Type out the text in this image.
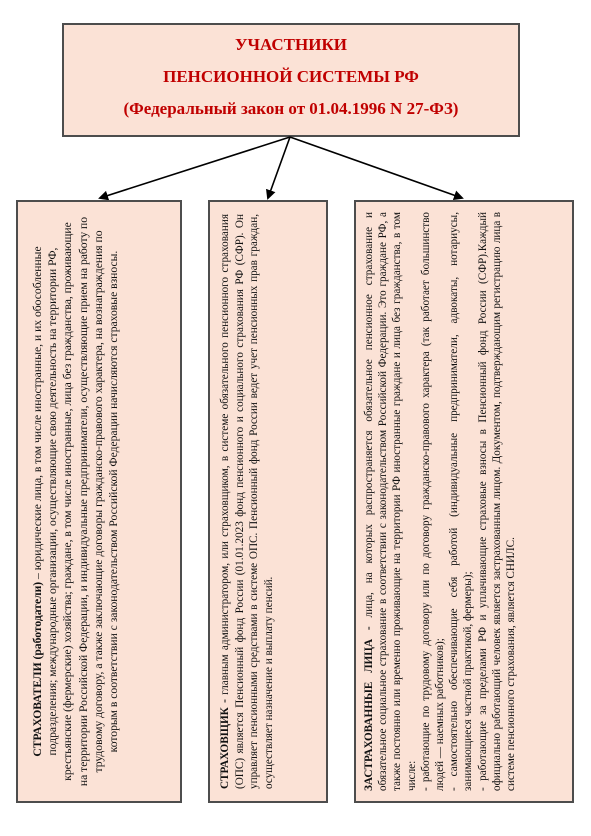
УЧАСТНИКИ
ПЕНСИОННОЙ СИСТЕМЫ РФ
(Федеральный закон от 01.04.1996 N 27-ФЗ)
СТРАХОВАТЕЛИ (работодатели) – юридические лица, в том числе иностранные, и их обособленные подразделения; международные организации, осуществляющие свою деятельность на территории РФ, крестьянские (фермерские) хозяйства; граждане, в том числе иностранные, лица без гражданства, проживающие на территории Российской Федерации, и индивидуальные предприниматели, осуществляющие прием на работу по трудовому договору, а также заключающие договоры гражданско-правового характера, на вознаграждения по которым в соответствии с законодательством Российской Федерации начисляются страховые взносы.	СТРАХОВЩИК - главным администратором, или страховщиком, в системе обязательного пенсионного страхования (ОПС) является Пенсионный фонд России (01.01.2023 фонд пенсионного и социального страхования РФ (СФР). Он управляет пенсионными средствами в системе ОПС. Пенсионный фонд России ведет учет пенсионных прав граждан, осуществляет назначение и выплату пенсий.	ЗАСТРАХОВАННЫЕ ЛИЦА - лица, на которых распространяется обязательное пенсионное страхование и обязательное социальное страхование в соответствии с законодательством Российской Федерации. Это граждане РФ, а также постоянно или временно проживающие на территории РФ иностранные граждане и лица без гражданства, в том числе: - работающие по трудовому договору или по договору гражданско-правового характера (так работает большинство людей — наемных работников); - самостоятельно обеспечивающие себя работой (индивидуальные предприниматели, адвокаты, нотариусы, занимающиеся частной практикой, фермеры); - работающие за пределами РФ и уплачивающие страховые взносы в Пенсионный фонд России (СФР).Каждый официально работающий человек является застрахованным лицом. Документом, подтверждающим регистрацию лица в системе пенсионного страхования, является СНИЛС.
